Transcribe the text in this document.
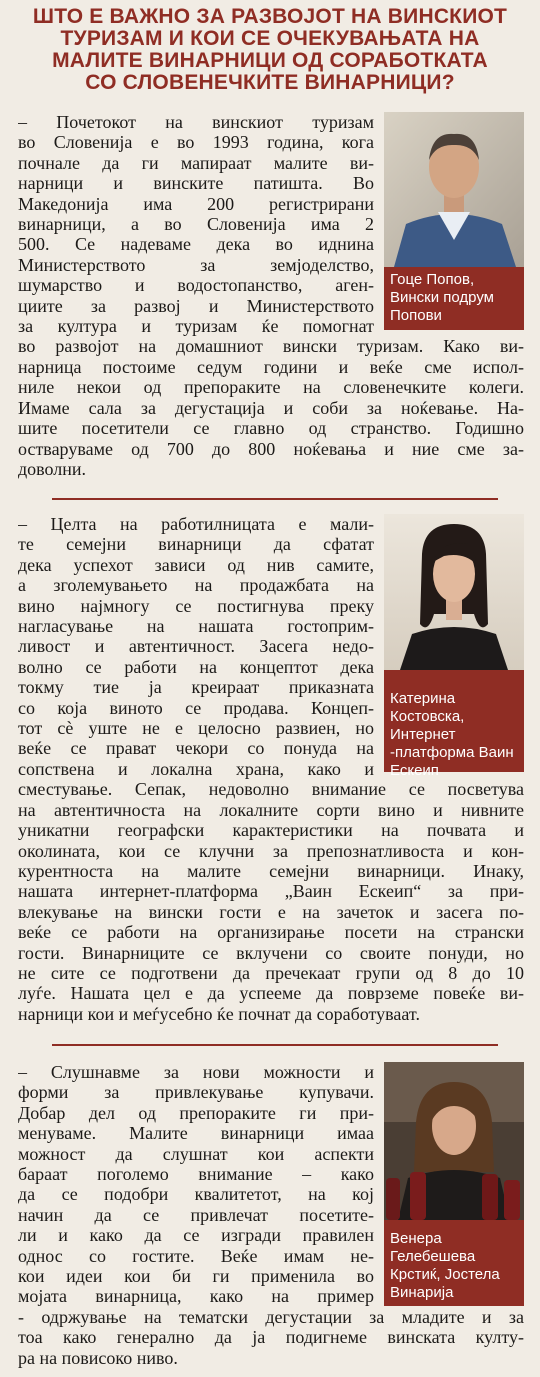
ШТО Е ВАЖНО ЗА РАЗВОЈОТ НА ВИНСКИОТ
ТУРИЗАМ И КОИ СЕ ОЧЕКУВАЊАТА НА
МАЛИТЕ ВИНАРНИЦИ ОД СОРАБОТКАТА
СО СЛОВЕНЕЧКИТЕ ВИНАРНИЦИ?
– Почетокот на винскиот туризам
во Словенија е во 1993 година, кога
почнале да ги мапираат малите ви-
нарници и винските патишта. Во
Македонија има 200 регистрирани
винарници, а во Словенија има 2
500. Се надеваме дека во иднина
Министерството за земјоделство,
шумарство и водостопанство, аген-
циите за развој и Министерството
за култура и туризам ќе помогнат
во развојот на домашниот вински туризам. Како ви-
нарница постоиме седум години и веќе сме испол-
ниле некои од препораките на словенечките колеги.
Имаме сала за дегустација и соби за ноќевање. На-
шите посетители се главно од странство. Годишно
остваруваме од 700 до 800 ноќевања и ние сме за-
доволни.
Гоце Попов,
Вински подрум
Попови
– Целта на работилницата е мали-
те семејни винарници да сфатат
дека успехот зависи од нив самите,
а зголемувањето на продажбата на
вино најмногу се постигнува преку
нагласување на нашата гостоприм-
ливост и автентичност. Засега недо-
волно се работи на концептот дека
токму тие ја креираат приказната
со која виното се продава. Концеп-
тот сè уште не е целосно развиен, но
веќе се прават чекори со понуда на
сопствена и локална храна, како и
сместување. Сепак, недоволно внимание се посветува
на автентичноста на локалните сорти вино и нивните
уникатни географски карактеристики на почвата и
околината, кои се клучни за препознатливоста и кон-
курентноста на малите семејни винарници. Инаку,
нашата интернет-платформа „Ваин Ескеип“ за при-
влекување на вински гости е на зачеток и засега по-
веќе се работи на организирање посети на странски
гости. Винарниците се вклучени со своите понуди, но
не сите се подготвени да пречекаат групи од 8 до 10
луѓе. Нашата цел е да успееме да поврземе повеќе ви-
нарници кои и меѓусебно ќе почнат да соработуваат.
Катерина
Костовска,
Интернет
-платформа Ваин
Ескеип
– Слушнавме за нови можности и
форми за привлекување купувачи.
Добар дел од препораките ги при-
менуваме. Малите винарници имаа
можност да слушнат кои аспекти
бараат поголемо внимание – како
да се подобри квалитетот, на кој
начин да се привлечат посетите-
ли и како да се изгради правилен
однос со гостите. Веќе имам не-
кои идеи кои би ги применила во
мојата винарница, како на пример
- одржување на тематски дегустации за младите и за
тоа како генерално да ја подигнеме винската култу-
ра на повисоко ниво.
Венера
Гелебешева
Крстиќ, Јостела
Винарија
